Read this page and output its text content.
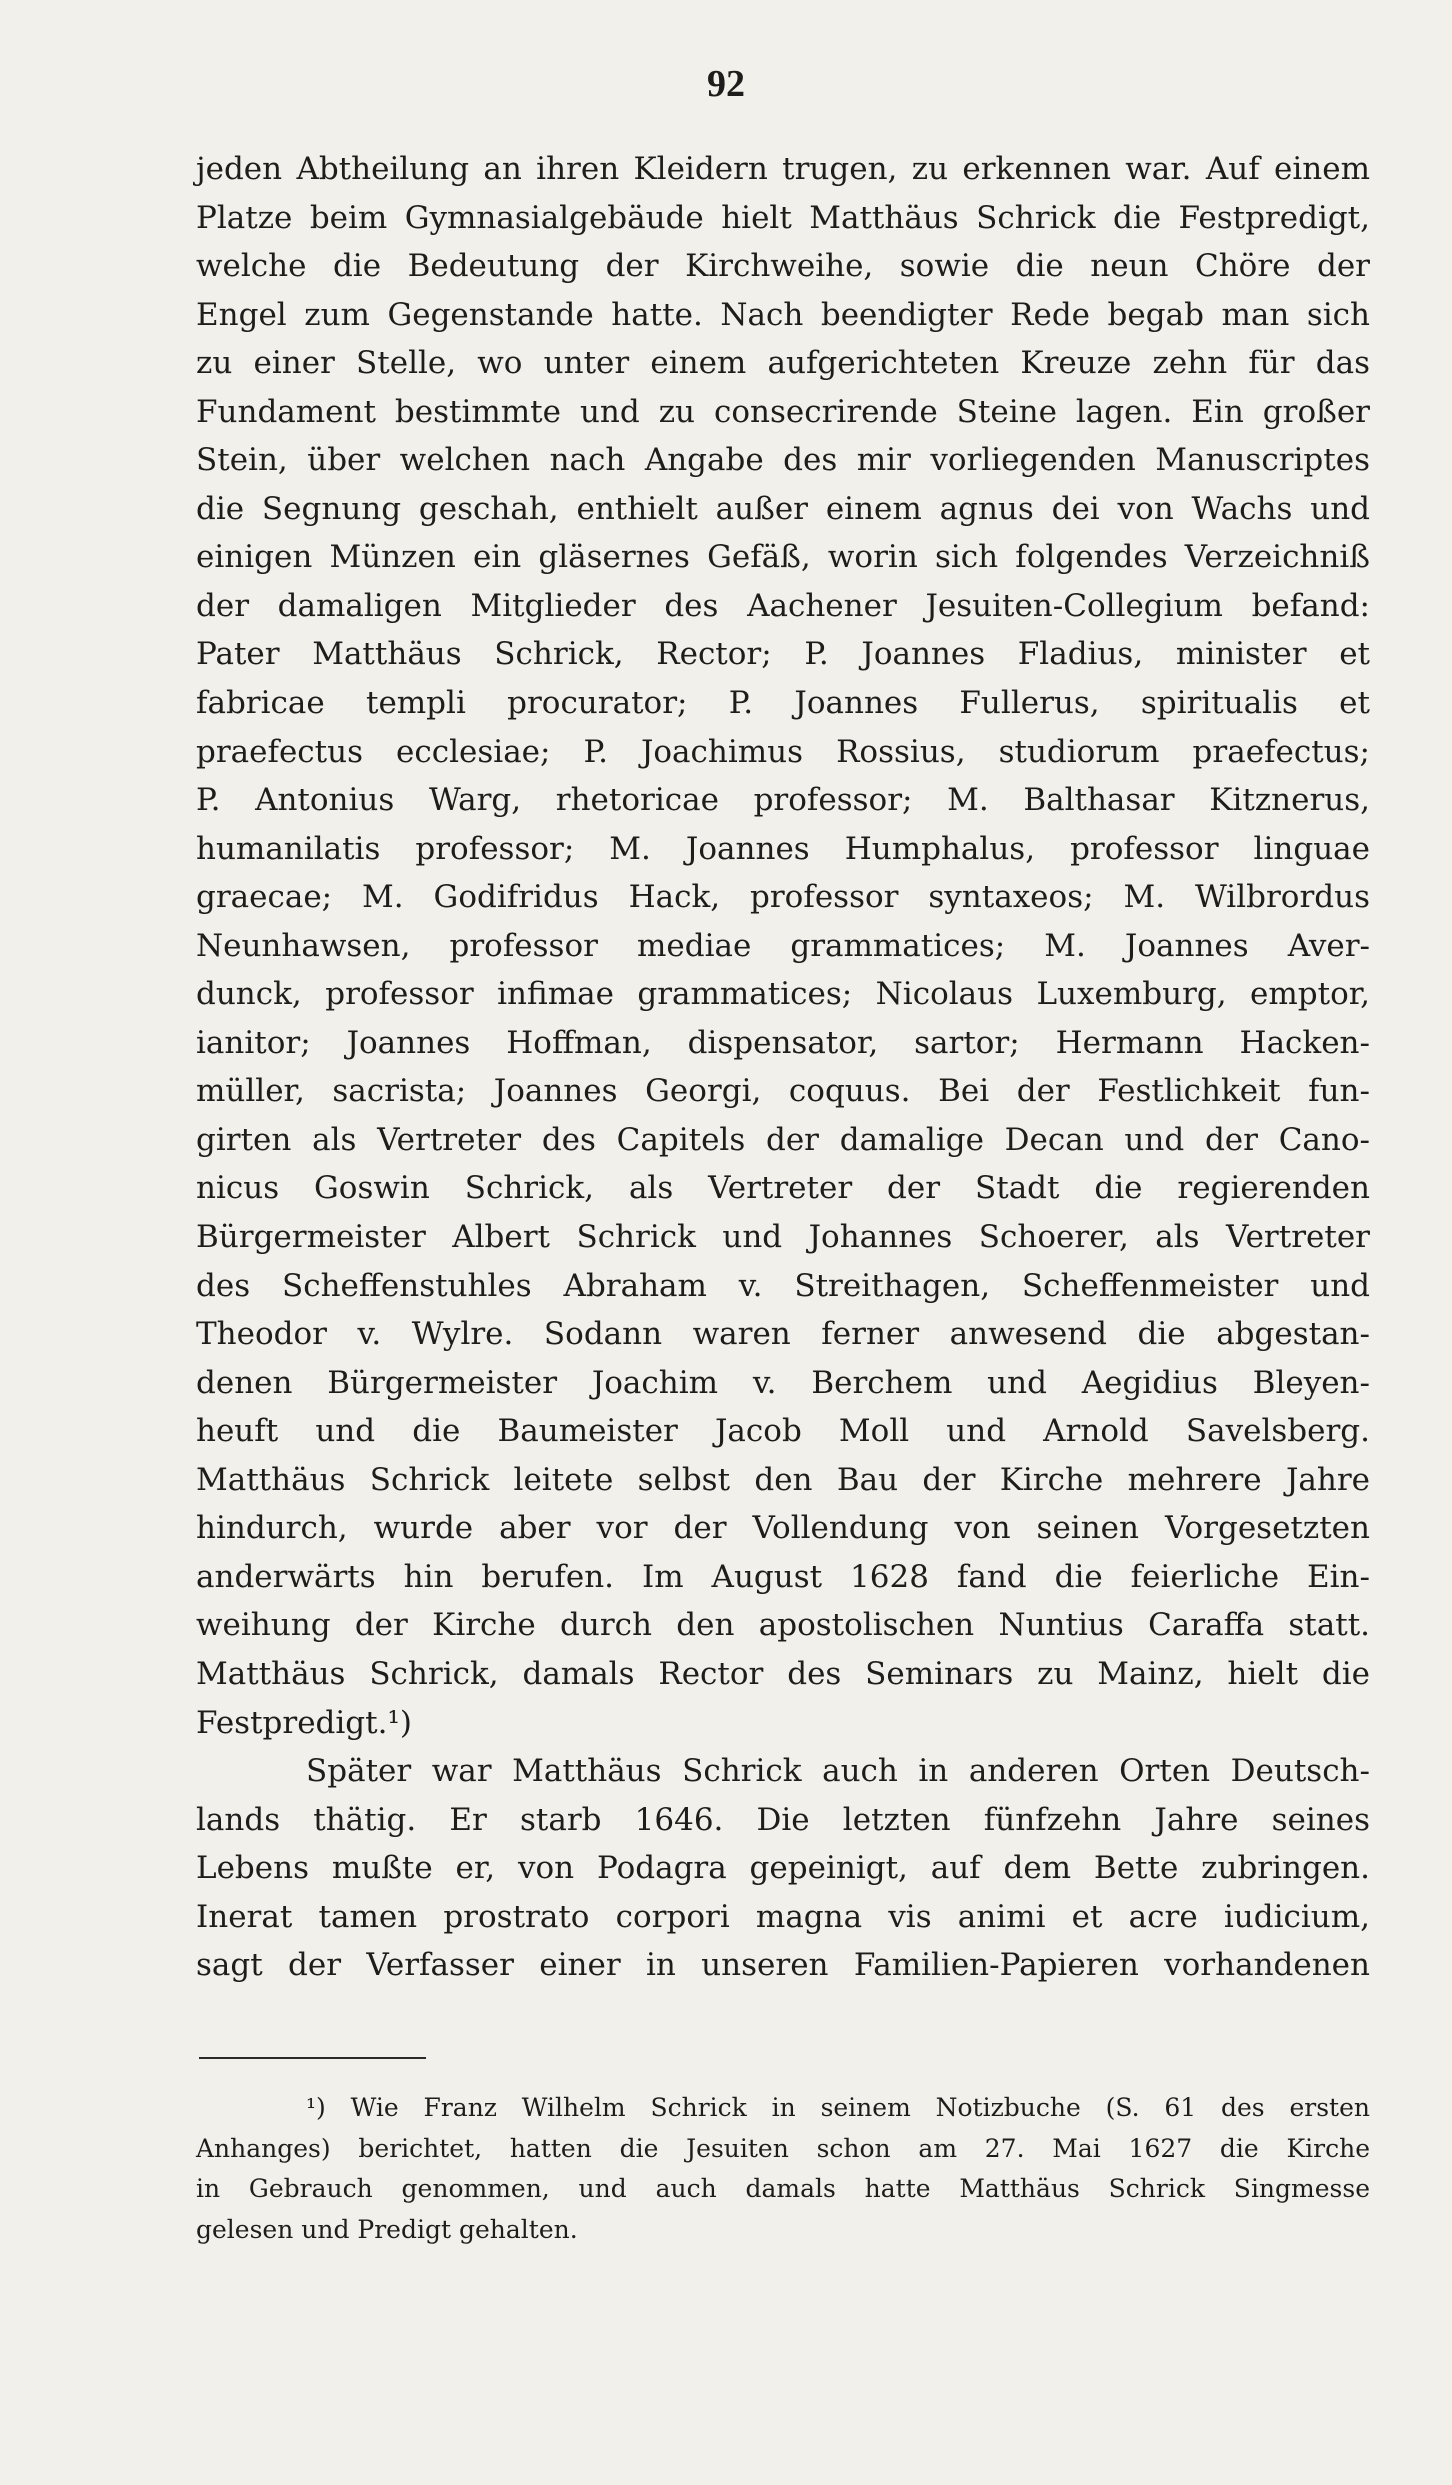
92
jeden Abtheilung an ihren Kleidern trugen, zu erkennen war. Auf einem
Platze beim Gymnasialgebäude hielt Matthäus Schrick die Festpredigt,
welche die Bedeutung der Kirchweihe, sowie die neun Chöre der
Engel zum Gegenstande hatte. Nach beendigter Rede begab man sich
zu einer Stelle, wo unter einem aufgerichteten Kreuze zehn für das
Fundament bestimmte und zu consecrirende Steine lagen. Ein großer
Stein, über welchen nach Angabe des mir vorliegenden Manuscriptes
die Segnung geschah, enthielt außer einem agnus dei von Wachs und
einigen Münzen ein gläsernes Gefäß, worin sich folgendes Verzeichniß
der damaligen Mitglieder des Aachener Jesuiten-Collegium befand:
Pater Matthäus Schrick, Rector; P. Joannes Fladius, minister et
fabricae templi procurator; P. Joannes Fullerus, spiritualis et
praefectus ecclesiae; P. Joachimus Rossius, studiorum praefectus;
P. Antonius Warg, rhetoricae professor; M. Balthasar Kitznerus,
humanilatis professor; M. Joannes Humphalus, professor linguae
graecae; M. Godifridus Hack, professor syntaxeos; M. Wilbrordus
Neunhawsen, professor mediae grammatices; M. Joannes Aver-
dunck, professor infimae grammatices; Nicolaus Luxemburg, emptor,
ianitor; Joannes Hoffman, dispensator, sartor; Hermann Hacken-
müller, sacrista; Joannes Georgi, coquus. Bei der Festlichkeit fun-
girten als Vertreter des Capitels der damalige Decan und der Cano-
nicus Goswin Schrick, als Vertreter der Stadt die regierenden
Bürgermeister Albert Schrick und Johannes Schoerer, als Vertreter
des Scheffenstuhles Abraham v. Streithagen, Scheffenmeister und
Theodor v. Wylre. Sodann waren ferner anwesend die abgestan-
denen Bürgermeister Joachim v. Berchem und Aegidius Bleyen-
heuft und die Baumeister Jacob Moll und Arnold Savelsberg.
Matthäus Schrick leitete selbst den Bau der Kirche mehrere Jahre
hindurch, wurde aber vor der Vollendung von seinen Vorgesetzten
anderwärts hin berufen. Im August 1628 fand die feierliche Ein-
weihung der Kirche durch den apostolischen Nuntius Caraffa statt.
Matthäus Schrick, damals Rector des Seminars zu Mainz, hielt die
Festpredigt.¹)
Später war Matthäus Schrick auch in anderen Orten Deutsch-
lands thätig. Er starb 1646. Die letzten fünfzehn Jahre seines
Lebens mußte er, von Podagra gepeinigt, auf dem Bette zubringen.
Inerat tamen prostrato corpori magna vis animi et acre iudicium,
sagt der Verfasser einer in unseren Familien-Papieren vorhandenen
¹) Wie Franz Wilhelm Schrick in seinem Notizbuche (S. 61 des ersten
Anhanges) berichtet, hatten die Jesuiten schon am 27. Mai 1627 die Kirche
in Gebrauch genommen, und auch damals hatte Matthäus Schrick Singmesse
gelesen und Predigt gehalten.
